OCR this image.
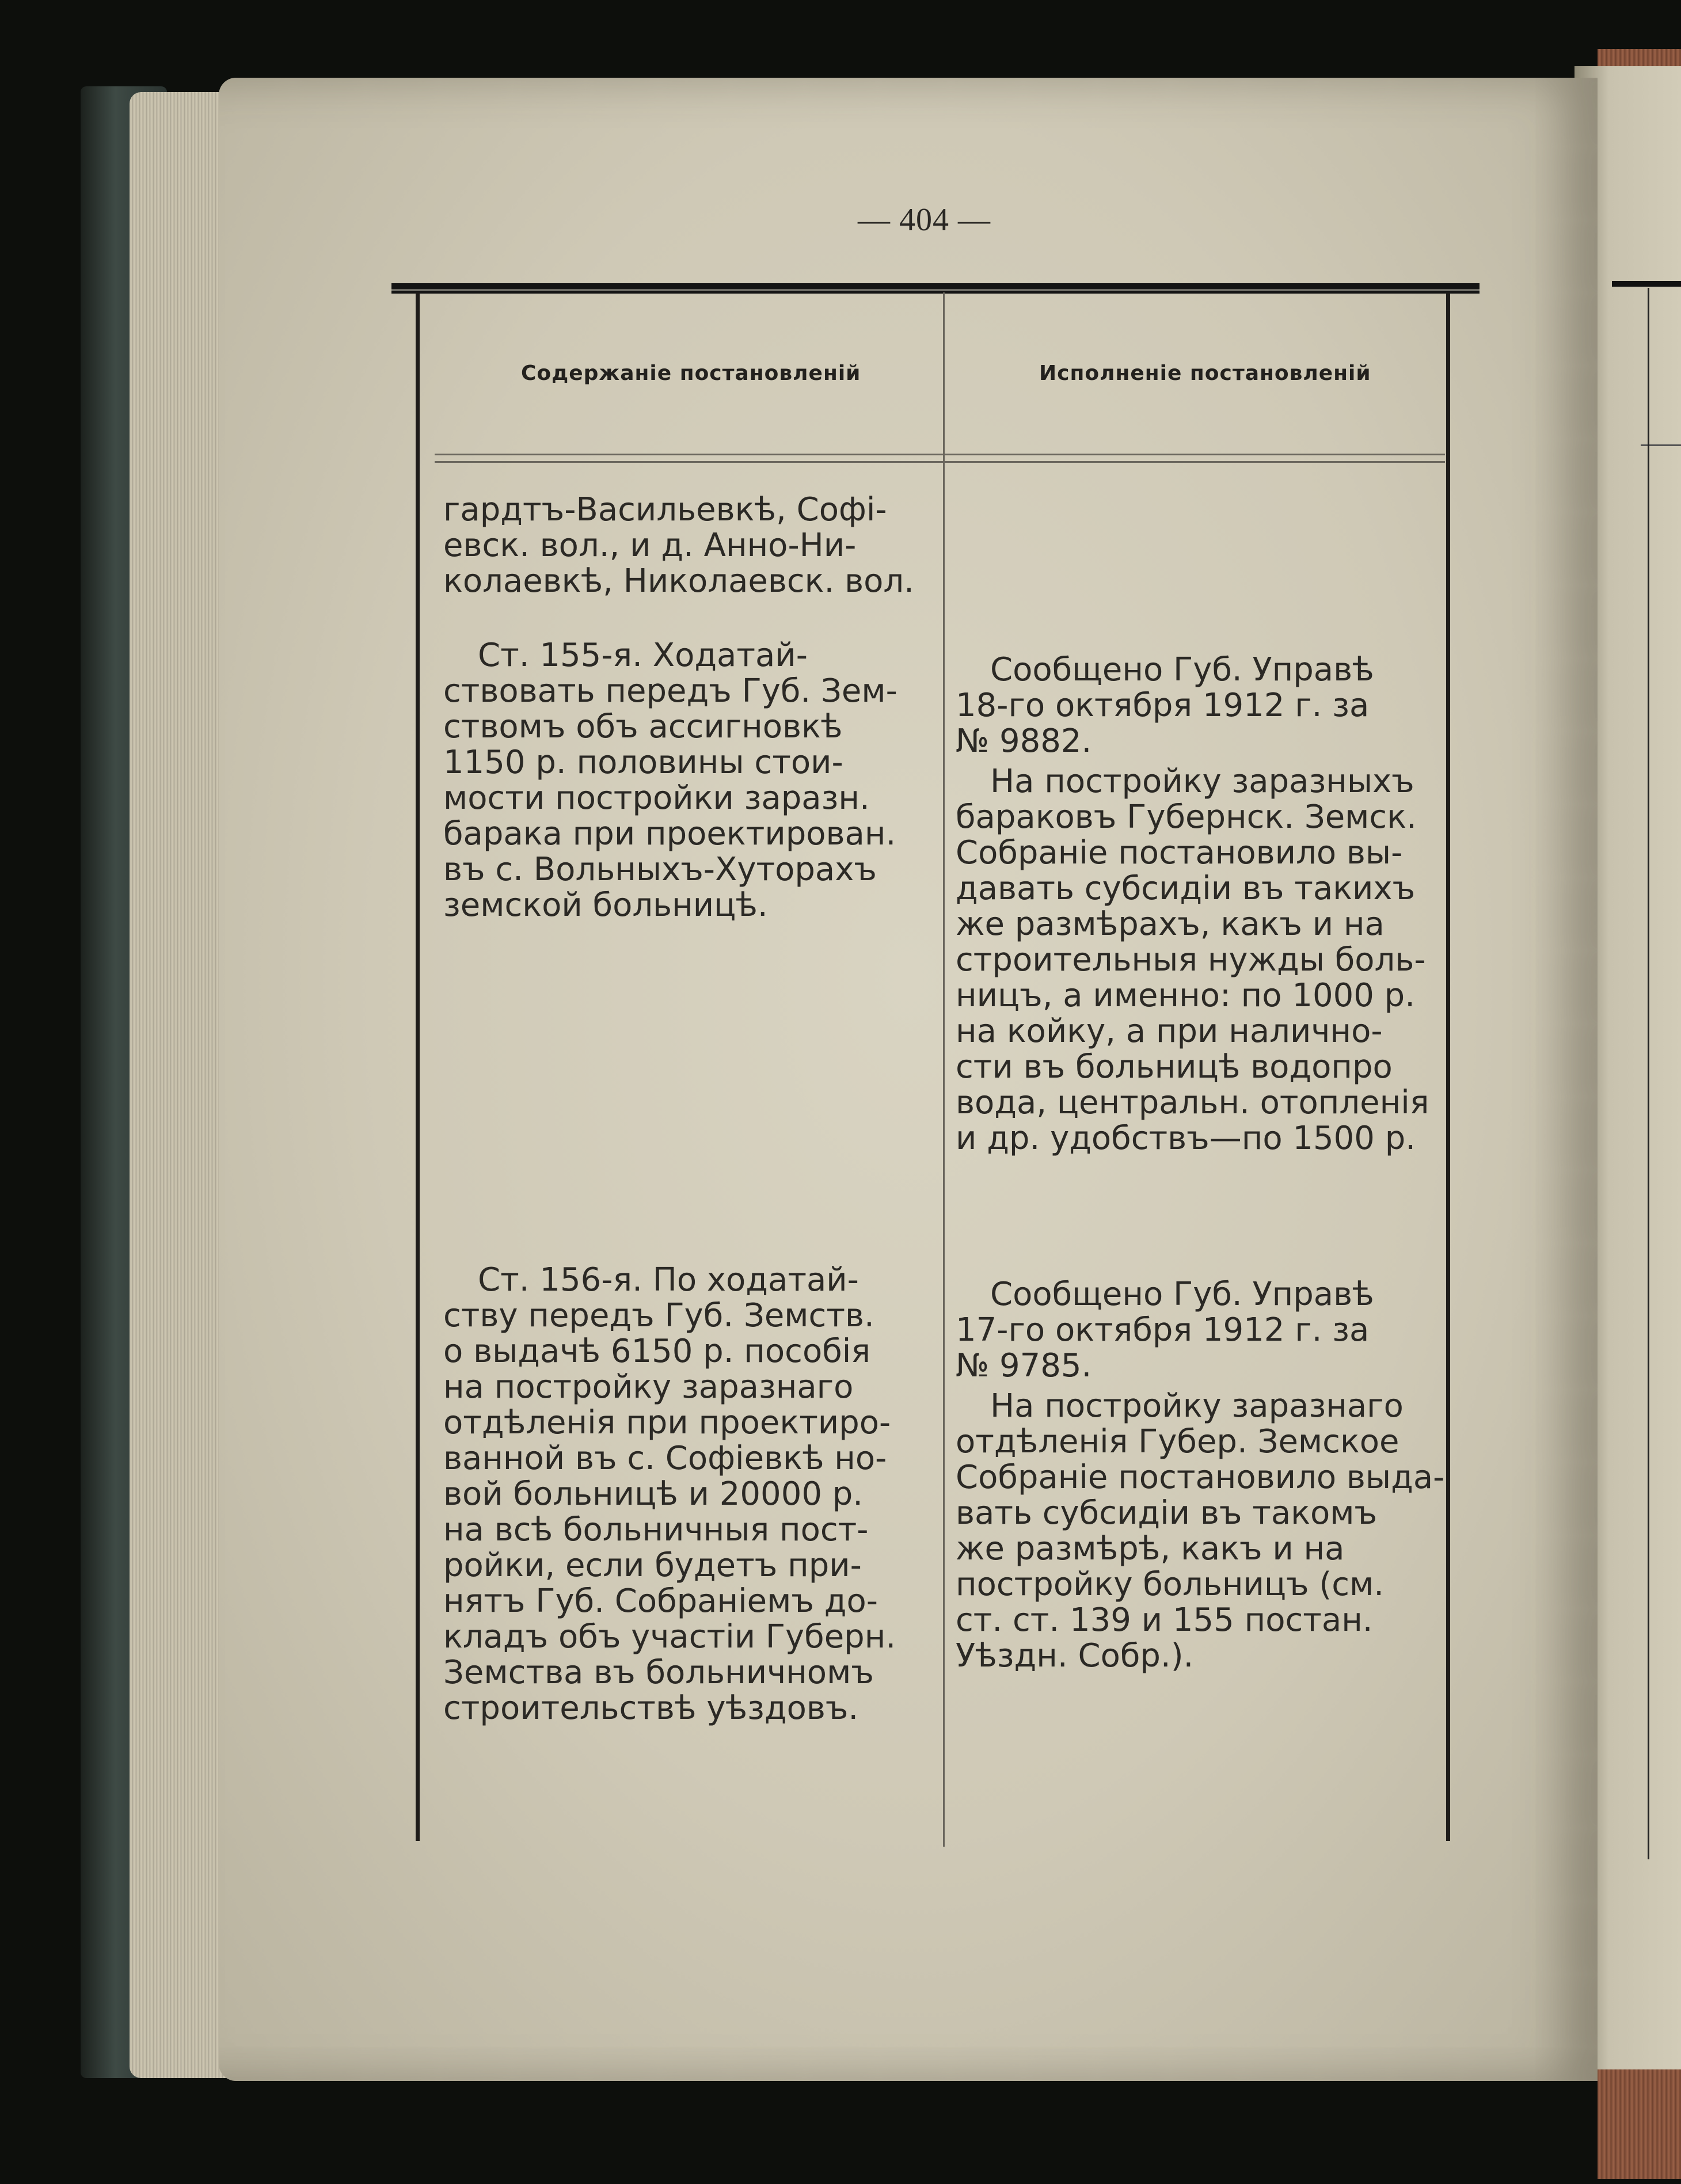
— 404 —
Содержаніе постановленій	Исполненіе постановленій
гардтъ-Васильевкѣ, Софі-
евск. вол., и д. Анно-Ни-
колаевкѣ, Николаевск. вол.
Ст. 155-я. Ходатай-
ствовать передъ Губ. Зем-
ствомъ объ ассигновкѣ
1150 р. половины стои-
мости постройки заразн.
барака при проектирован.
въ с. Вольныхъ-Хуторахъ
земской больницѣ.
Ст. 156-я. По ходатай-
ству передъ Губ. Земств.
о выдачѣ 6150 р. пособія
на постройку заразнаго
отдѣленія при проектиро-
ванной въ с. Софіевкѣ но-
вой больницѣ и 20000 р.
на всѣ больничныя пост-
ройки, если будетъ при-
нятъ Губ. Собраніемъ до-
кладъ объ участіи Губерн.
Земства въ больничномъ
строительствѣ уѣздовъ.
Сообщено Губ. Управѣ
18-го октября 1912 г. за
№ 9882.
На постройку заразныхъ
бараковъ Губернск. Земск.
Собраніе постановило вы-
давать субсидіи въ такихъ
же размѣрахъ, какъ и на
строительныя нужды боль-
ницъ, а именно: по 1000 р.
на койку, а при налично-
сти въ больницѣ водопро
вода, центральн. отопленія
и др. удобствъ—по 1500 р.
Сообщено Губ. Управѣ
17-го октября 1912 г. за
№ 9785.
На постройку заразнаго
отдѣленія Губер. Земское
Собраніе постановило выда-
вать субсидіи въ такомъ
же размѣрѣ, какъ и на
постройку больницъ (см.
ст. ст. 139 и 155 постан.
Уѣздн. Собр.).
